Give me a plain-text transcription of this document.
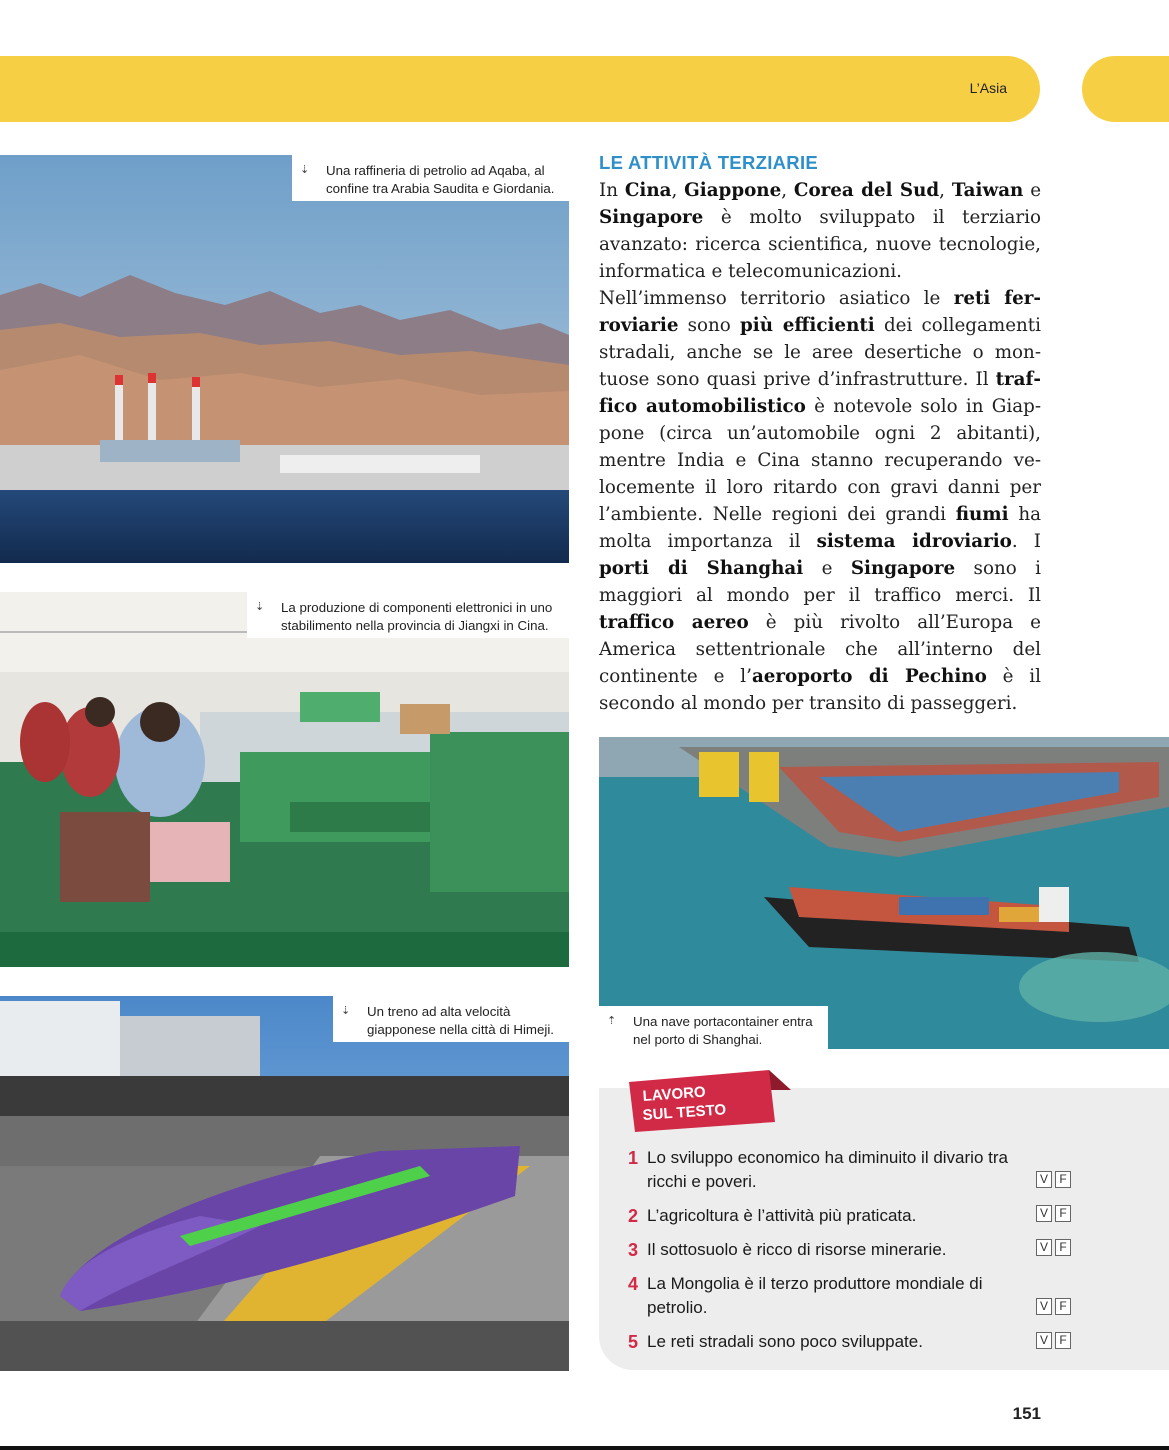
L’Asia
⇣	Una raffineria di petrolio ad Aqaba, al confine tra Arabia Saudita e Giordania.
⇣	La produzione di componenti elettronici in uno stabilimento nella provincia di Jiangxi in Cina.
⇣	Un treno ad alta velocità giapponese nella città di Himeji.
LE ATTIVITÀ TERZIARIE

In Cina, Giappone, Corea del Sud, Taiwan e Singapore è molto sviluppato il terziario avanzato: ricerca scientifica, nuove tecnologie, informatica e telecomunicazioni.

Nell’immenso territorio asiatico le reti ferroviarie sono più efficienti dei collegamenti stradali, anche se le aree desertiche o montuose sono quasi prive d’infrastrutture. Il traffico automobilistico è notevole solo in Giappone (circa un’automobile ogni 2 abitanti), mentre India e Cina stanno recuperando velocemente il loro ritardo con gravi danni per l’ambiente. Nelle regioni dei grandi fiumi ha molta importanza il sistema idroviario. I porti di Shanghai e Singapore sono i maggiori al mondo per il traffico merci. Il traffico aereo è più rivolto all’Europa e America settentrionale che all’interno del continente e l’aeroporto di Pechino è il secondo al mondo per transito di passeggeri.

⇡	Una nave portacontainer entra nel porto di Shanghai.
LAVORO
SUL TESTO
1 Lo sviluppo economico ha diminuito il divario tra ricchi e poveri.
2 L’agricoltura è l’attività più praticata.
3 Il sottosuolo è ricco di risorse minerarie.
4 La Mongolia è il terzo produttore mondiale di petrolio.
5 Le reti stradali sono poco sviluppate.
V F
V F
V F
V F
V F
151
